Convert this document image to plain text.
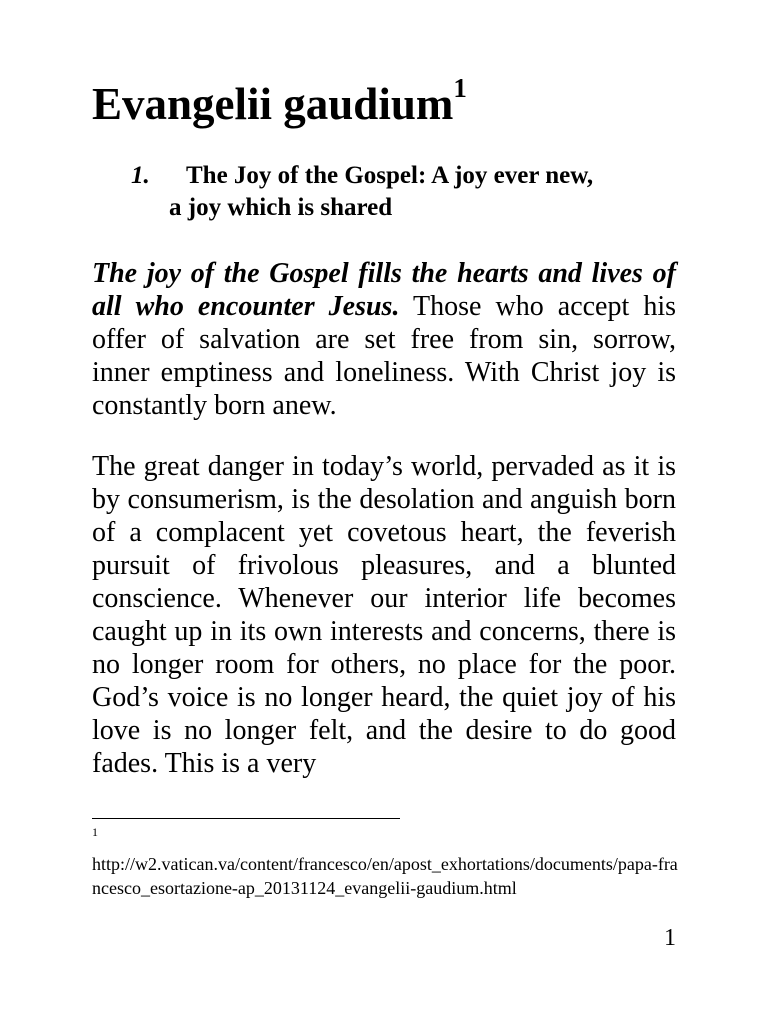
Evangelii gaudium$^1$
1. The Joy of the Gospel: A joy ever new,
a joy which is shared

The joy of the Gospel fills the hearts and lives of all who encounter Jesus. Those who accept his offer of salvation are set free from sin, sorrow, inner emptiness and loneliness. With Christ joy is constantly born anew.

The great danger in today’s world, pervaded as it is by consumerism, is the desolation and anguish born of a complacent yet covetous heart, the feverish pursuit of frivolous pleasures, and a blunted conscience. Whenever our interior life becomes caught up in its own interests and concerns, there is no longer room for others, no place for the poor. God’s voice is no longer heard, the quiet joy of his love is no longer felt, and the desire to do good fades. This is a very

1

http://w2.vatican.va/content/francesco/en/apost_exhortations/documents/papa-francesco_esortazione-ap_20131124_evangelii-gaudium.html

1
